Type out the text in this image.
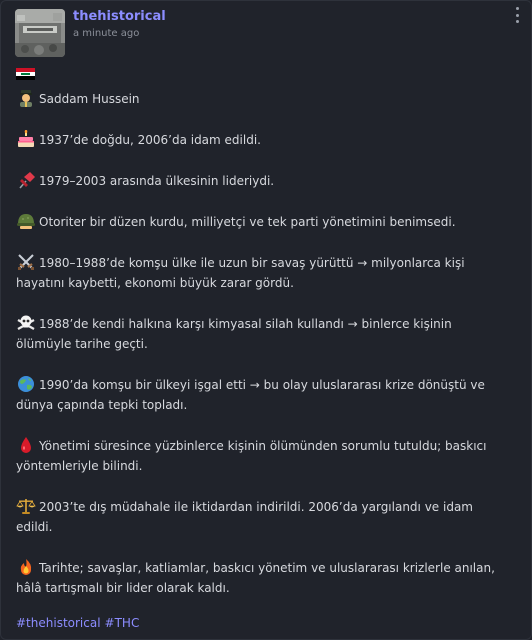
thehistorical
a minute ago

Saddam Hussein

1937’de doğdu, 2006’da idam edildi.

1979–2003 arasında ülkesinin lideriydi.

Otoriter bir düzen kurdu, milliyetçi ve tek parti yönetimini benimsedi.

1980–1988’de komşu ülke ile uzun bir savaş yürüttü → milyonlarca kişi hayatını kaybetti, ekonomi büyük zarar gördü.

1988’de kendi halkına karşı kimyasal silah kullandı → binlerce kişinin ölümüyle tarihe geçti.

1990’da komşu bir ülkeyi işgal etti → bu olay uluslararası krize dönüştü ve dünya çapında tepki topladı.

Yönetimi süresince yüzbinlerce kişinin ölümünden sorumlu tutuldu; baskıcı yöntemleriyle bilindi.

2003’te dış müdahale ile iktidardan indirildi. 2006’da yargılandı ve idam edildi.

Tarihte; savaşlar, katliamlar, baskıcı yönetim ve uluslararası krizlerle anılan, hâlâ tartışmalı bir lider olarak kaldı.

#thehistorical #THC
